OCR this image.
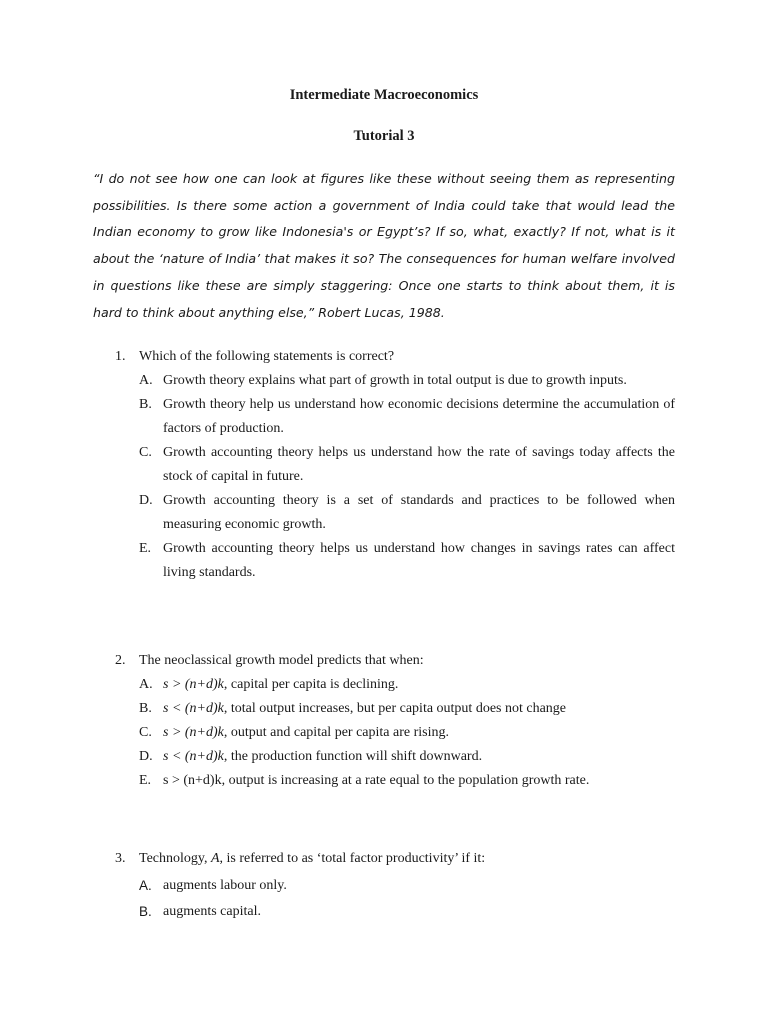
Intermediate Macroeconomics
Tutorial 3

“I do not see how one can look at figures like these without seeing them as representing possibilities. Is there some action a government of India could take that would lead the Indian economy to grow like Indonesia's or Egypt’s? If so, what, exactly? If not, what is it about the ‘nature of India’ that makes it so? The consequences for human welfare involved in questions like these are simply staggering: Once one starts to think about them, it is hard to think about anything else,” Robert Lucas, 1988.

1. Which of the following statements is correct?
A. Growth theory explains what part of growth in total output is due to growth inputs.
B. Growth theory help us understand how economic decisions determine the accumulation of factors of production.
C. Growth accounting theory helps us understand how the rate of savings today affects the stock of capital in future.
D. Growth accounting theory is a set of standards and practices to be followed when measuring economic growth.
E. Growth accounting theory helps us understand how changes in savings rates can affect living standards.
2. The neoclassical growth model predicts that when:
A. s > (n+d)k, capital per capita is declining.
B. s < (n+d)k, total output increases, but per capita output does not change
C. s > (n+d)k, output and capital per capita are rising.
D. s < (n+d)k, the production function will shift downward.
E. s > (n+d)k, output is increasing at a rate equal to the population growth rate.
3. Technology, A, is referred to as ‘total factor productivity’ if it:
A. augments labour only.
B. augments capital.
